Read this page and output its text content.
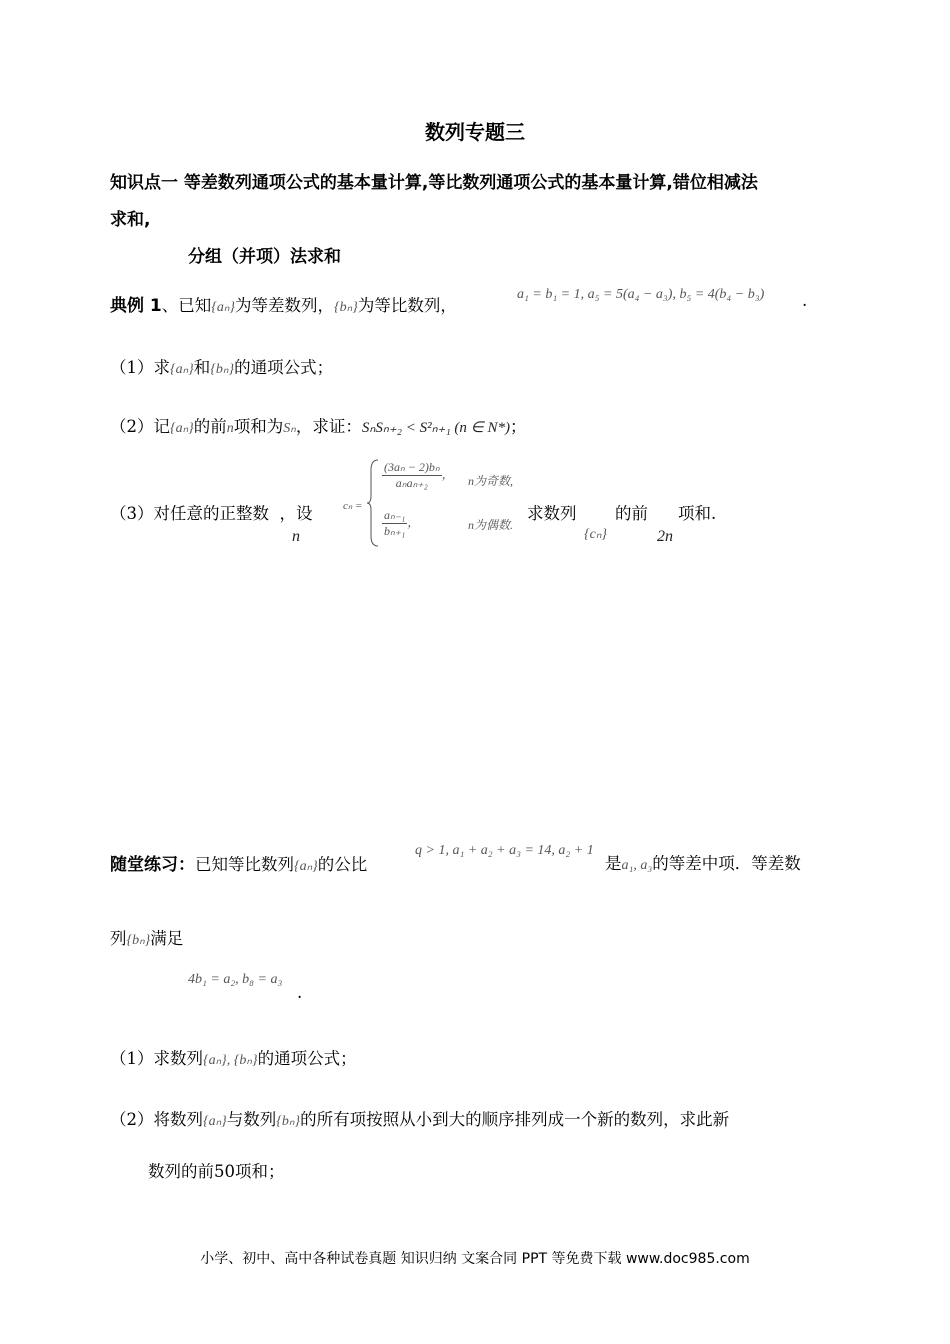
数列专题三
知识点一 等差数列通项公式的基本量计算,等比数列通项公式的基本量计算,错位相减法
求和,
分组（并项）法求和
典例 1、已知{aₙ}为等差数列，{bₙ}为等比数列，
a₁ = b₁ = 1, a₅ = 5(a₄ − a₃), b₅ = 4(b₄ − b₃) .
（1）求{aₙ}和{bₙ}的通项公式；
（2）记{aₙ}的前n项和为Sₙ，求证：SₙSₙ₊₂ < S²ₙ₊₁ (n ∈ N*)；
（3）对任意的正整数 ，设
n
cₙ =
$\frac{\text{(3aₙ − 2)bₙ}}{\text{aₙaₙ₊₂}}$ ， n为奇数,
$\frac{\text{aₙ₋₁}}{\text{bₙ₊₁}}$ ，	n为偶数.
求数列
{cₙ}
的前
2n
项和.
随堂练习：已知等比数列{aₙ}的公比
q > 1, a₁ + a₂ + a₃ = 14, a₂ + 1
是a₁, a₃的等差中项．等差数
列{bₙ}满足
4b₁ = a₂, b₈ = a₃
.
（1）求数列{aₙ}, {bₙ}的通项公式；
（2）将数列{aₙ}与数列{bₙ}的所有项按照从小到大的顺序排列成一个新的数列，求此新
数列的前50项和；
小学、初中、高中各种试卷真题 知识归纳 文案合同 PPT 等免费下载 www.doc985.com
